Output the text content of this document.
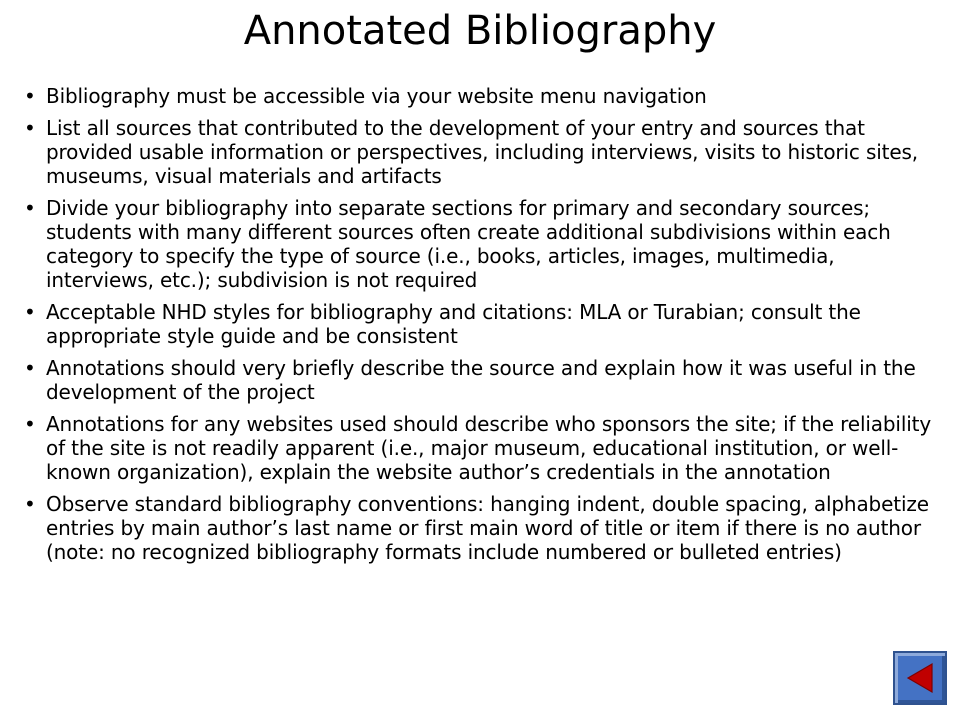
Annotated Bibliography
• Bibliography must be accessible via your website menu navigation
• List all sources that contributed to the development of your entry and sources that provided usable information or perspectives, including interviews, visits to historic sites, museums, visual materials and artifacts
• Divide your bibliography into separate sections for primary and secondary sources; students with many different sources often create additional subdivisions within each category to specify the type of source (i.e., books, articles, images, multimedia, interviews, etc.); subdivision is not required
• Acceptable NHD styles for bibliography and citations: MLA or Turabian; consult the appropriate style guide and be consistent
• Annotations should very briefly describe the source and explain how it was useful in the development of the project
• Annotations for any websites used should describe who sponsors the site; if the reliability of the site is not readily apparent (i.e., major museum, educational institution, or well-known organization), explain the website author’s credentials in the annotation
• Observe standard bibliography conventions: hanging indent, double spacing, alphabetize entries by main author’s last name or first main word of title or item if there is no author (note: no recognized bibliography formats include numbered or bulleted entries)
